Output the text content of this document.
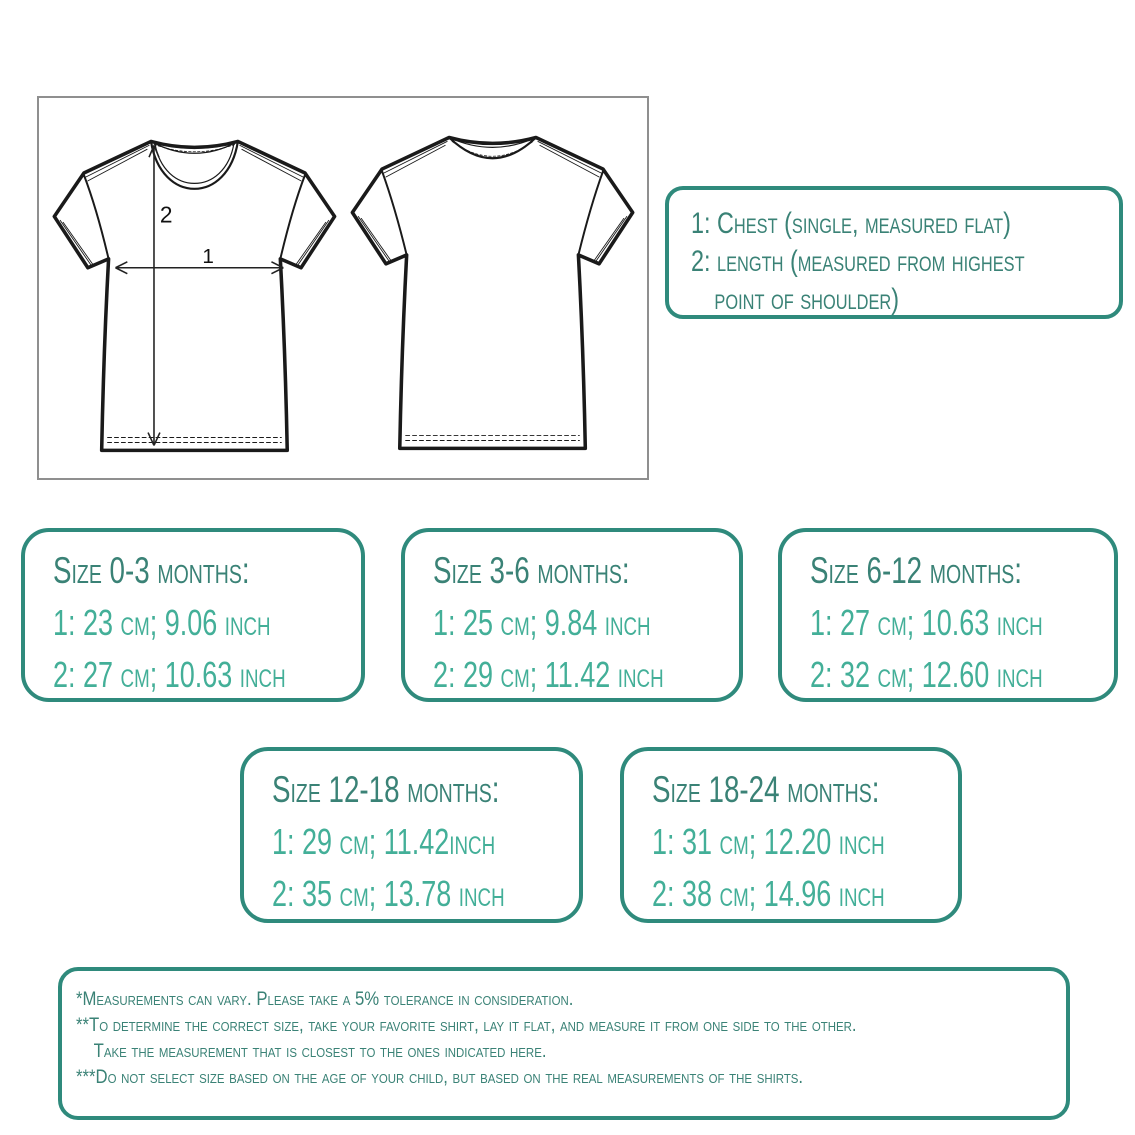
2
1
1: Chest (single, measured flat)
2: length (measured from highest
point of shoulder)
Size 0-3 months:
1: 23 cm; 9.06 inch
2: 27 cm; 10.63 inch
Size 3-6 months:
1: 25 cm; 9.84 inch
2: 29 cm; 11.42 inch
Size 6-12 months:
1: 27 cm; 10.63 inch
2: 32 cm; 12.60 inch
Size 12-18 months:
1: 29 cm; 11.42inch
2: 35 cm; 13.78 inch
Size 18-24 months:
1: 31 cm; 12.20 inch
2: 38 cm; 14.96 inch
*Measurements can vary. Please take a 5% tolerance in consideration.
**To determine the correct size, take your favorite shirt, lay it flat, and measure it from one side to the other.
Take the measurement that is closest to the ones indicated here.
***Do not select size based on the age of your child, but based on the real measurements of the shirts.
